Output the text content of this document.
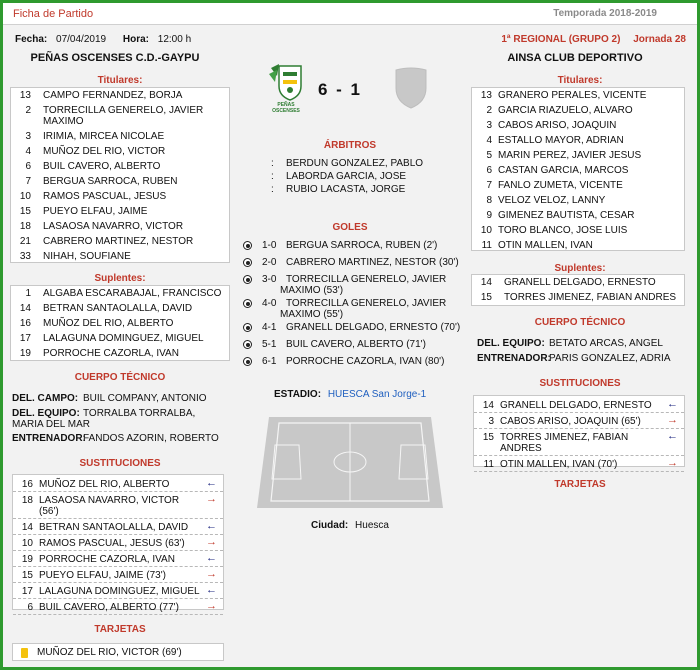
Ficha de Partido	Temporada 2018-2019
Fecha: 07/04/2019 Hora: 12:00 h	1ª REGIONAL (GRUPO 2) Jornada 28
PEÑAS OSCENSES C.D.-GAYPU	AINSA CLUB DEPORTIVO
PEÑAS OSCENSES
6 - 1
Titulares:
13 CAMPO FERNANDEZ, BORJA
2 TORRECILLA GENERELO, JAVIER
MAXIMO
3 IRIMIA, MIRCEA NICOLAE
4 MUÑOZ DEL RIO, VICTOR
6 BUIL CAVERO, ALBERTO
7 BERGUA SARROCA, RUBEN
10 RAMOS PASCUAL, JESUS
15 PUEYO ELFAU, JAIME
18 LASAOSA NAVARRO, VICTOR
21 CABRERO MARTINEZ, NESTOR
33 NIHAH, SOUFIANE
Suplentes:
1 ALGABA ESCARABAJAL, FRANCISCO
14 BETRAN SANTAOLALLA, DAVID
16 MUÑOZ DEL RIO, ALBERTO
17 LALAGUNA DOMINGUEZ, MIGUEL
19 PORROCHE CAZORLA, IVAN
CUERPO TÉCNICO
DEL. CAMPO: BUIL COMPANY, ANTONIO
DEL. EQUIPO: TORRALBA TORRALBA,
MARIA DEL MAR
ENTRENADOR:
FANDOS AZORIN, ROBERTO
SUSTITUCIONES
16 MUÑOZ DEL RIO, ALBERTO	←
18 LASAOSA NAVARRO, VICTOR
(56')
→
14 BETRAN SANTAOLALLA, DAVID ←
10 RAMOS PASCUAL, JESUS (63') →
19 PORROCHE CAZORLA, IVAN	←
15 PUEYO ELFAU, JAIME (73')	→
17 LALAGUNA DOMINGUEZ, MIGUEL ←
6 BUIL CAVERO, ALBERTO (77') →
TARJETAS
MUÑOZ DEL RIO, VICTOR (69')
ÁRBITROS
: BERDUN GONZALEZ, PABLO
: LABORDA GARCIA, JOSE
: RUBIO LACASTA, JORGE
GOLES
1-0 BERGUA SARROCA, RUBEN (2')
2-0 CABRERO MARTINEZ, NESTOR (30')
3-0 TORRECILLA GENERELO, JAVIER
MAXIMO (53')
4-0 TORRECILLA GENERELO, JAVIER
MAXIMO (55')
4-1 GRANELL DELGADO, ERNESTO (70')
5-1 BUIL CAVERO, ALBERTO (71')
6-1 PORROCHE CAZORLA, IVAN (80')
ESTADIO: HUESCA San Jorge-1
Ciudad: Huesca
Titulares:
13 GRANERO PERALES, VICENTE
2 GARCIA RIAZUELO, ALVARO
3 CABOS ARISO, JOAQUIN
4 ESTALLO MAYOR, ADRIAN
5 MARIN PEREZ, JAVIER JESUS
6 CASTAN GARCIA, MARCOS
7 FANLO ZUMETA, VICENTE
8 VELOZ VELOZ, LANNY
9 GIMENEZ BAUTISTA, CESAR
10 TORO BLANCO, JOSE LUIS
11 OTIN MALLEN, IVAN
Suplentes:
14 GRANELL DELGADO, ERNESTO
15 TORRES JIMENEZ, FABIAN ANDRES
CUERPO TÉCNICO
DEL. EQUIPO: BETATO ARCAS, ANGEL
ENTRENADOR:
PARIS GONZALEZ, ADRIA
SUSTITUCIONES
14 GRANELL DELGADO, ERNESTO ←
3 CABOS ARISO, JOAQUIN (65') →
15 TORRES JIMENEZ, FABIAN
ANDRES
←
11 OTIN MALLEN, IVAN (70')	→
TARJETAS
